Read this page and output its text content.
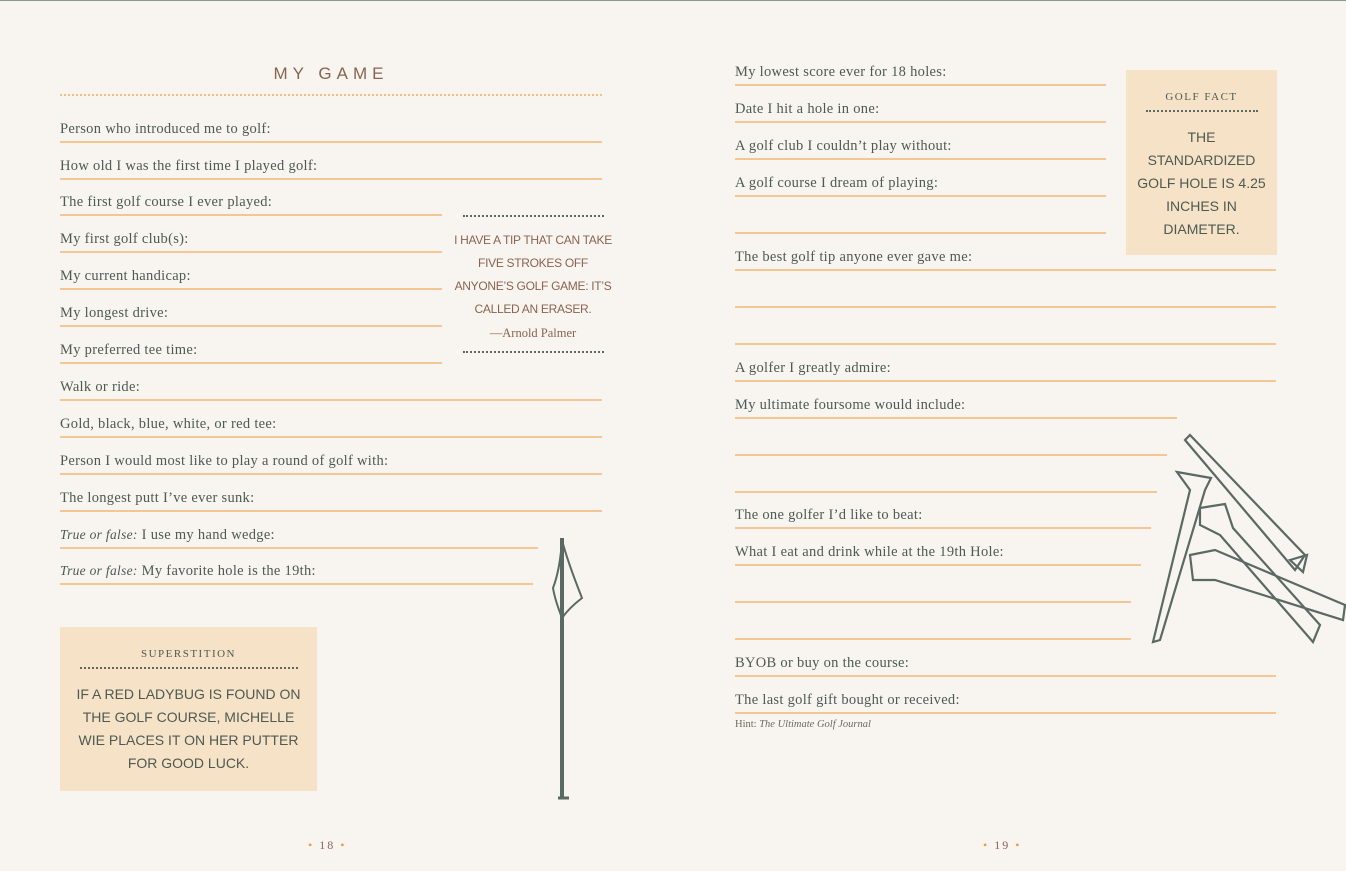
MY GAME
Person who introduced me to golf:
How old I was the first time I played golf:
The first golf course I ever played:
My first golf club(s):
My current handicap:
My longest drive:
My preferred tee time:
Walk or ride:
Gold, black, blue, white, or red tee:
Person I would most like to play a round of golf with:
The longest putt I’ve ever sunk:
True or false: I use my hand wedge:
True or false: My favorite hole is the 19th:
My lowest score ever for 18 holes:
Date I hit a hole in one:
A golf club I couldn’t play without:
A golf course I dream of playing:
The best golf tip anyone ever gave me:
A golfer I greatly admire:
My ultimate foursome would include:
The one golfer I’d like to beat:
What I eat and drink while at the 19th Hole:
BYOB or buy on the course:
The last golf gift bought or received:
I HAVE A TIP THAT CAN TAKE FIVE STROKES OFF ANYONE’S GOLF GAME: IT’S CALLED AN ERASER.
—Arnold Palmer
SUPERSTITION
IF A RED LADYBUG IS FOUND ON THE GOLF COURSE, MICHELLE WIE PLACES IT ON HER PUTTER FOR GOOD LUCK.
GOLF FACT
THE STANDARDIZED GOLF HOLE IS 4.25 INCHES IN DIAMETER.
Hint: The Ultimate Golf Journal
• 18 •	• 19 •
